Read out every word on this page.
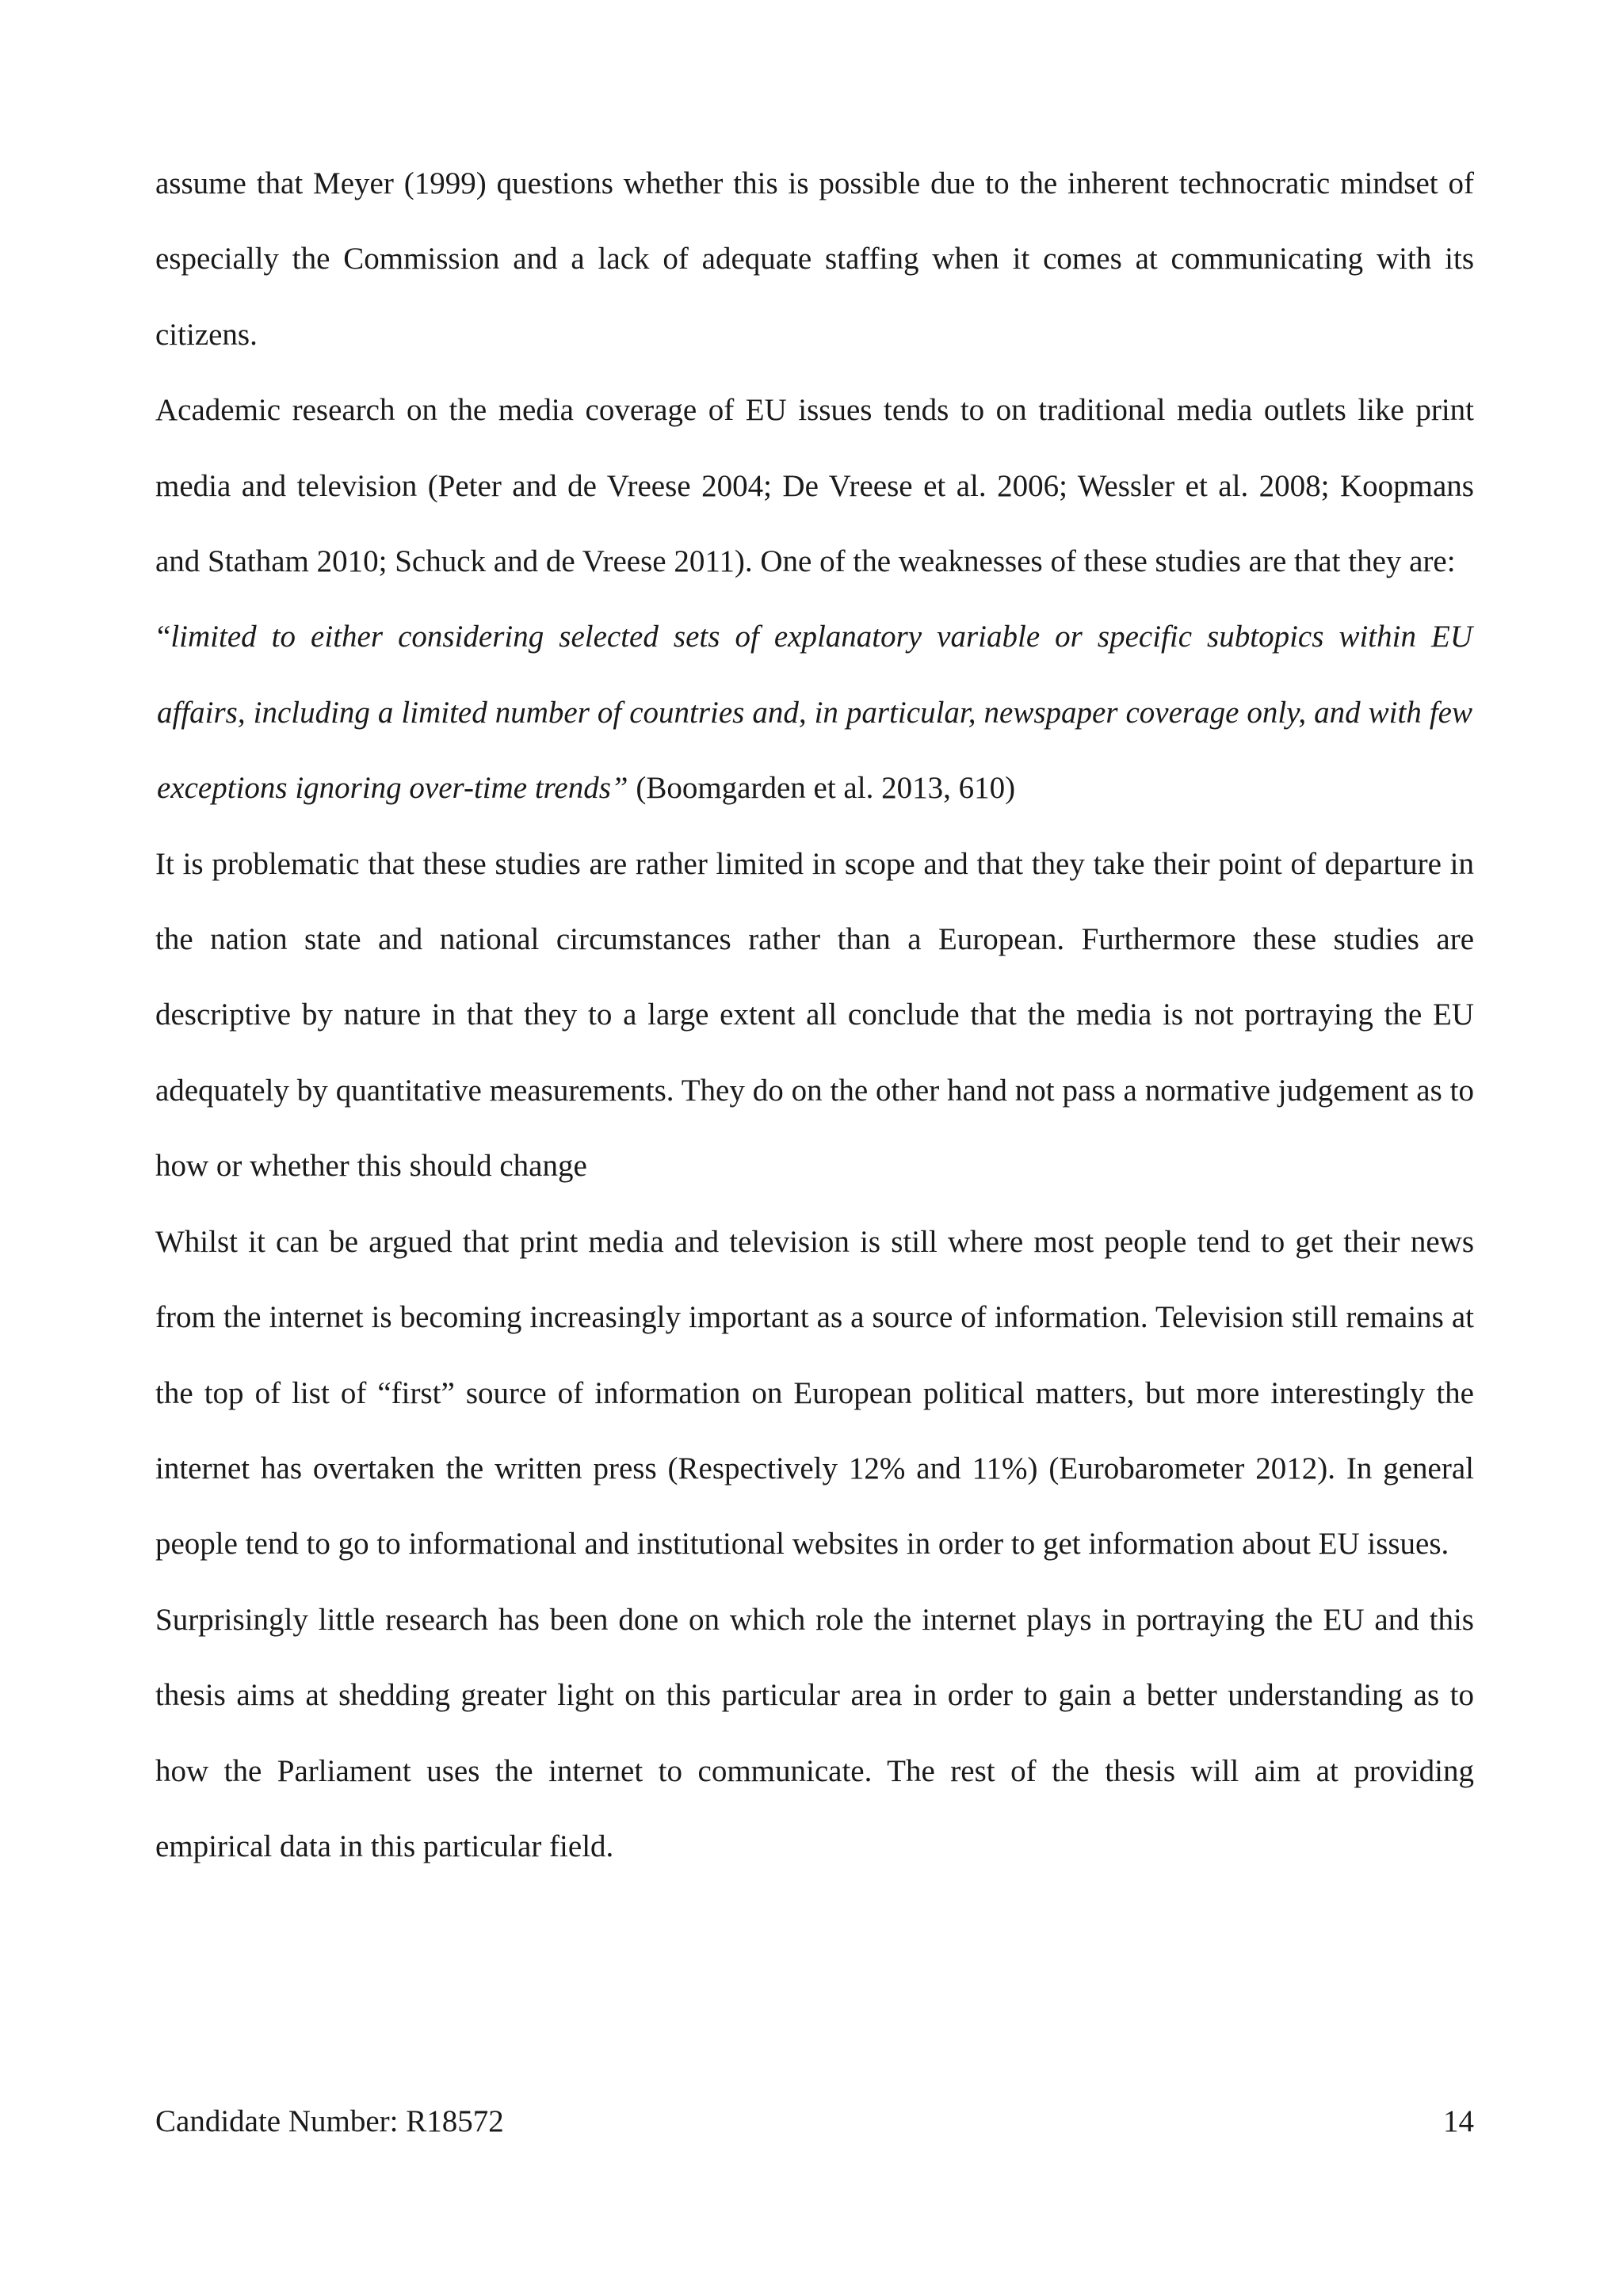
assume that Meyer (1999) questions whether this is possible due to the inherent technocratic mindset of especially the Commission and a lack of adequate staffing when it comes at communicating with its citizens.

Academic research on the media coverage of EU issues tends to on traditional media outlets like print media and television (Peter and de Vreese 2004; De Vreese et al. 2006; Wessler et al. 2008; Koopmans and Statham 2010; Schuck and de Vreese 2011). One of the weaknesses of these studies are that they are:

“limited to either considering selected sets of explanatory variable or specific subtopics within EU affairs, including a limited number of countries and, in particular, newspaper coverage only, and with few exceptions ignoring over-time trends” (Boomgarden et al. 2013, 610)

It is problematic that these studies are rather limited in scope and that they take their point of departure in the nation state and national circumstances rather than a European. Furthermore these studies are descriptive by nature in that they to a large extent all conclude that the media is not portraying the EU adequately by quantitative measurements. They do on the other hand not pass a normative judgement as to how or whether this should change

Whilst it can be argued that print media and television is still where most people tend to get their news from the internet is becoming increasingly important as a source of information. Television still remains at the top of list of “first” source of information on European political matters, but more interestingly the internet has overtaken the written press (Respectively 12% and 11%) (Eurobarometer 2012). In general people tend to go to informational and institutional websites in order to get information about EU issues.

Surprisingly little research has been done on which role the internet plays in portraying the EU and this thesis aims at shedding greater light on this particular area in order to gain a better understanding as to how the Parliament uses the internet to communicate. The rest of the thesis will aim at providing empirical data in this particular field.

Candidate Number: R18572	14
